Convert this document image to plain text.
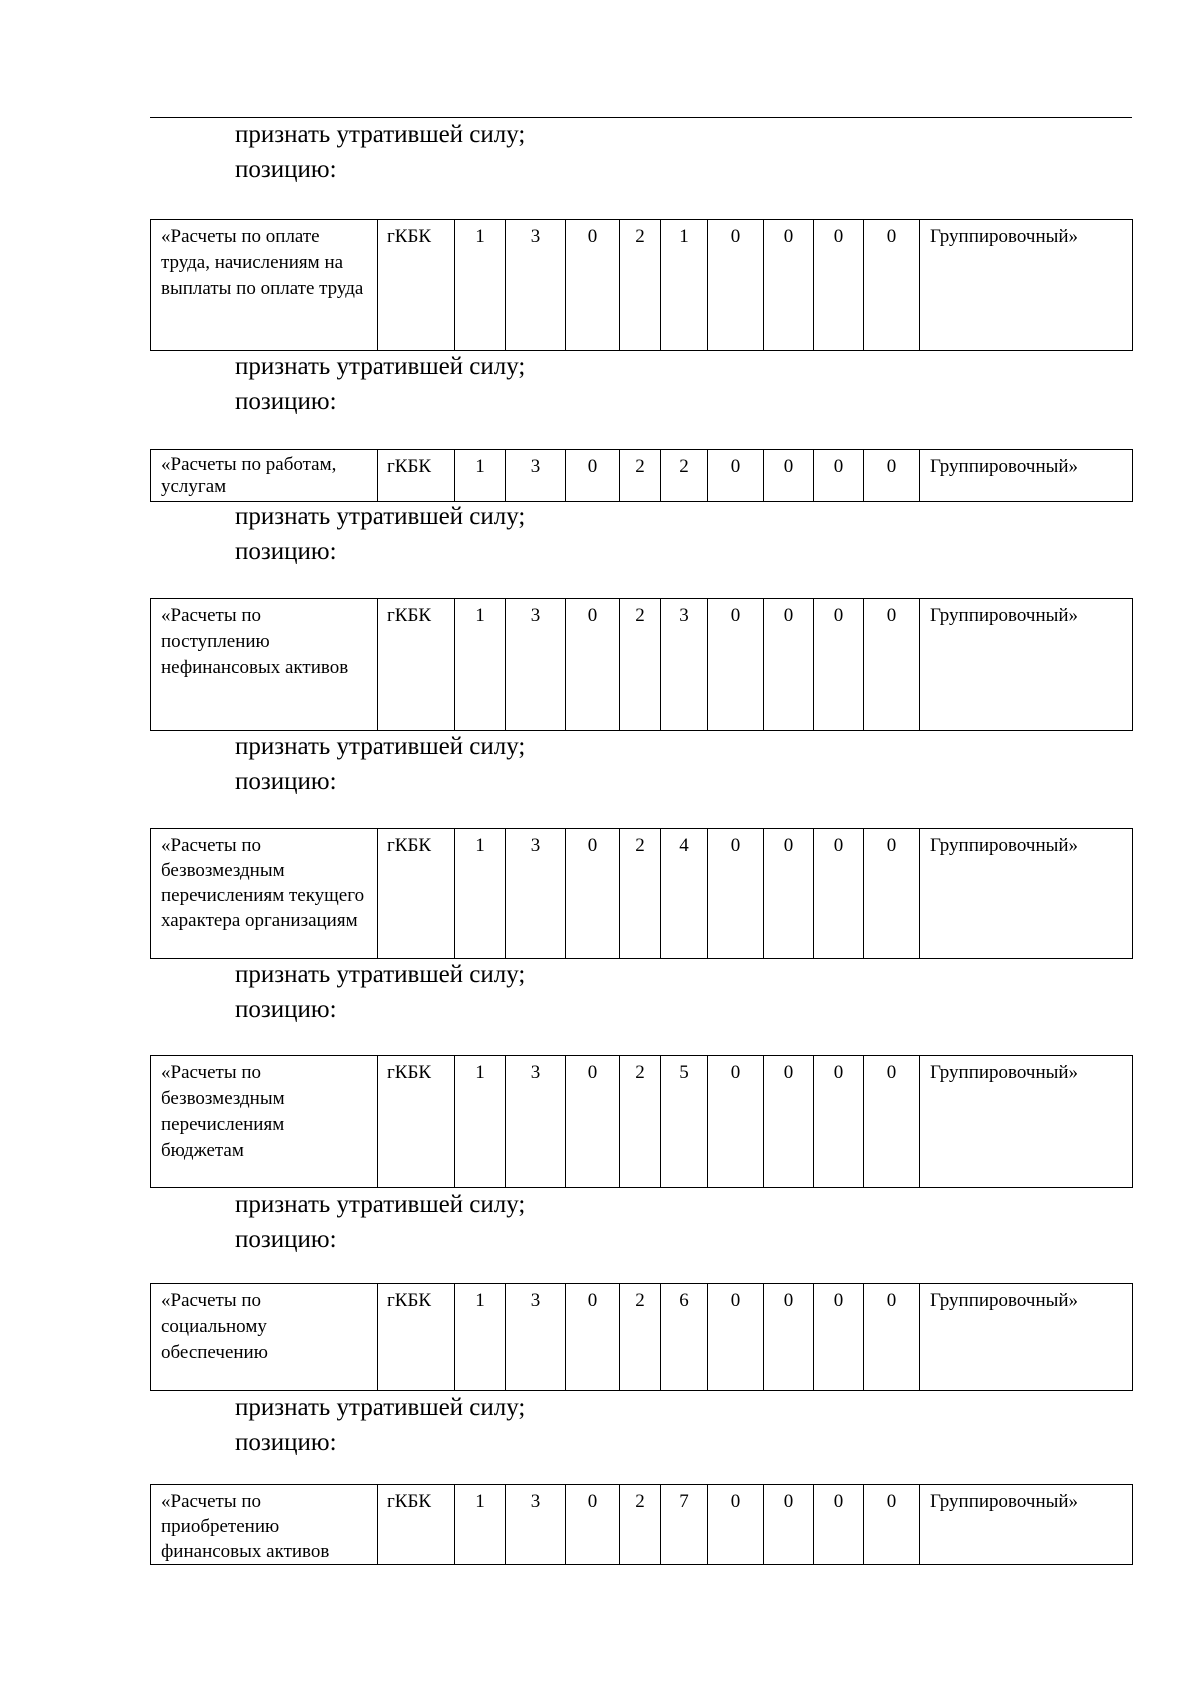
признать утратившей силу;
позицию:
«Расчеты по оплате труда, начислениям на выплаты по оплате труда	гКБК	1	3	0	2	1	0	0	0	0	Группировочный»
признать утратившей силу;
позицию:
«Расчеты по работам, услугам	гКБК	1	3	0	2	2	0	0	0	0	Группировочный»
признать утратившей силу;
позицию:
«Расчеты по поступлению нефинансовых активов	гКБК	1	3	0	2	3	0	0	0	0	Группировочный»
признать утратившей силу;
позицию:
«Расчеты по безвозмездным перечислениям текущего характера организациям	гКБК	1	3	0	2	4	0	0	0	0	Группировочный»
признать утратившей силу;
позицию:
«Расчеты по безвозмездным перечислениям бюджетам	гКБК	1	3	0	2	5	0	0	0	0	Группировочный»
признать утратившей силу;
позицию:
«Расчеты по социальному обеспечению	гКБК	1	3	0	2	6	0	0	0	0	Группировочный»
признать утратившей силу;
позицию:
«Расчеты по приобретению финансовых активов	гКБК	1	3	0	2	7	0	0	0	0	Группировочный»
